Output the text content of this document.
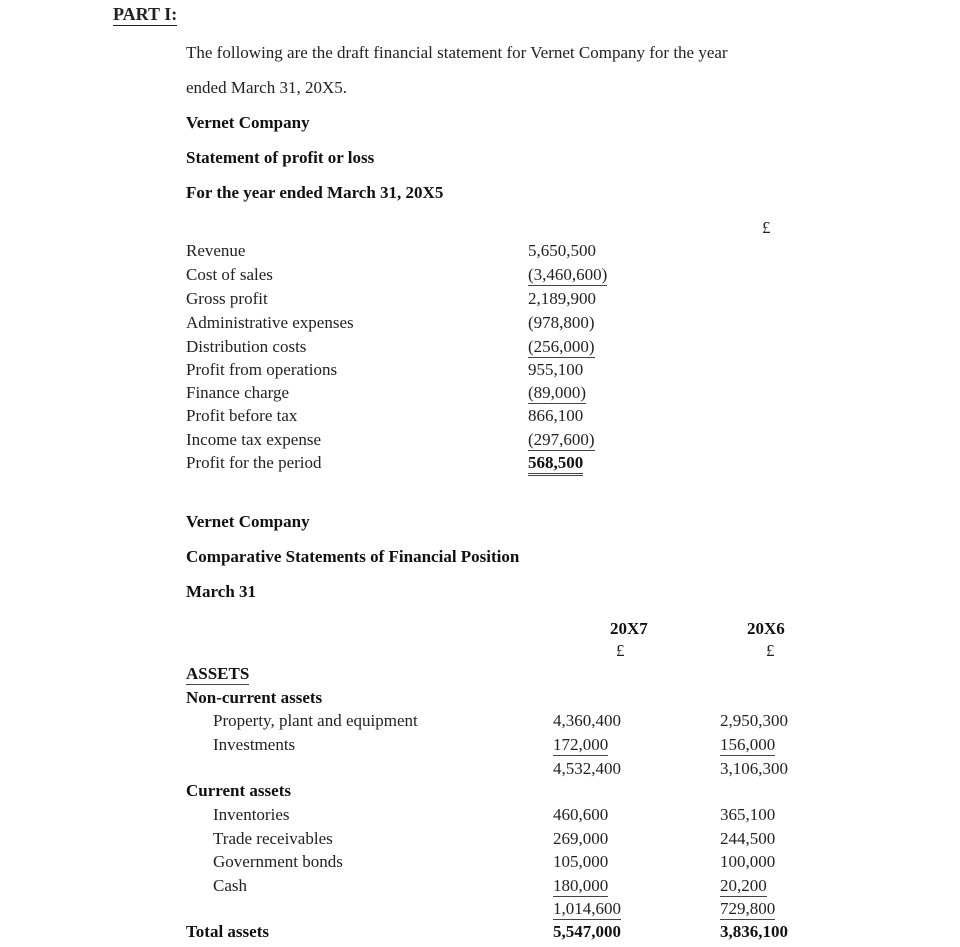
PART I:
The following are the draft financial statement for Vernet Company for the year
ended March 31, 20X5.
Vernet Company
Statement of profit or loss
For the year ended March 31, 20X5
£
Revenue	5,650,500
Cost of sales	(3,460,600)
Gross profit	2,189,900
Administrative expenses	(978,800)
Distribution costs	(256,000)
Profit from operations	955,100
Finance charge	(89,000)
Profit before tax	866,100
Income tax expense	(297,600)
Profit for the period	568,500
Vernet Company
Comparative Statements of Financial Position
March 31
20X7	20X6
£	£
ASSETS
Non-current assets
Property, plant and equipment	4,360,400	2,950,300
Investments	172,000	156,000
4,532,400	3,106,300
Current assets
Inventories	460,600	365,100
Trade receivables	269,000	244,500
Government bonds	105,000	100,000
Cash	180,000	20,200
1,014,600	729,800
Total assets	5,547,000	3,836,100
